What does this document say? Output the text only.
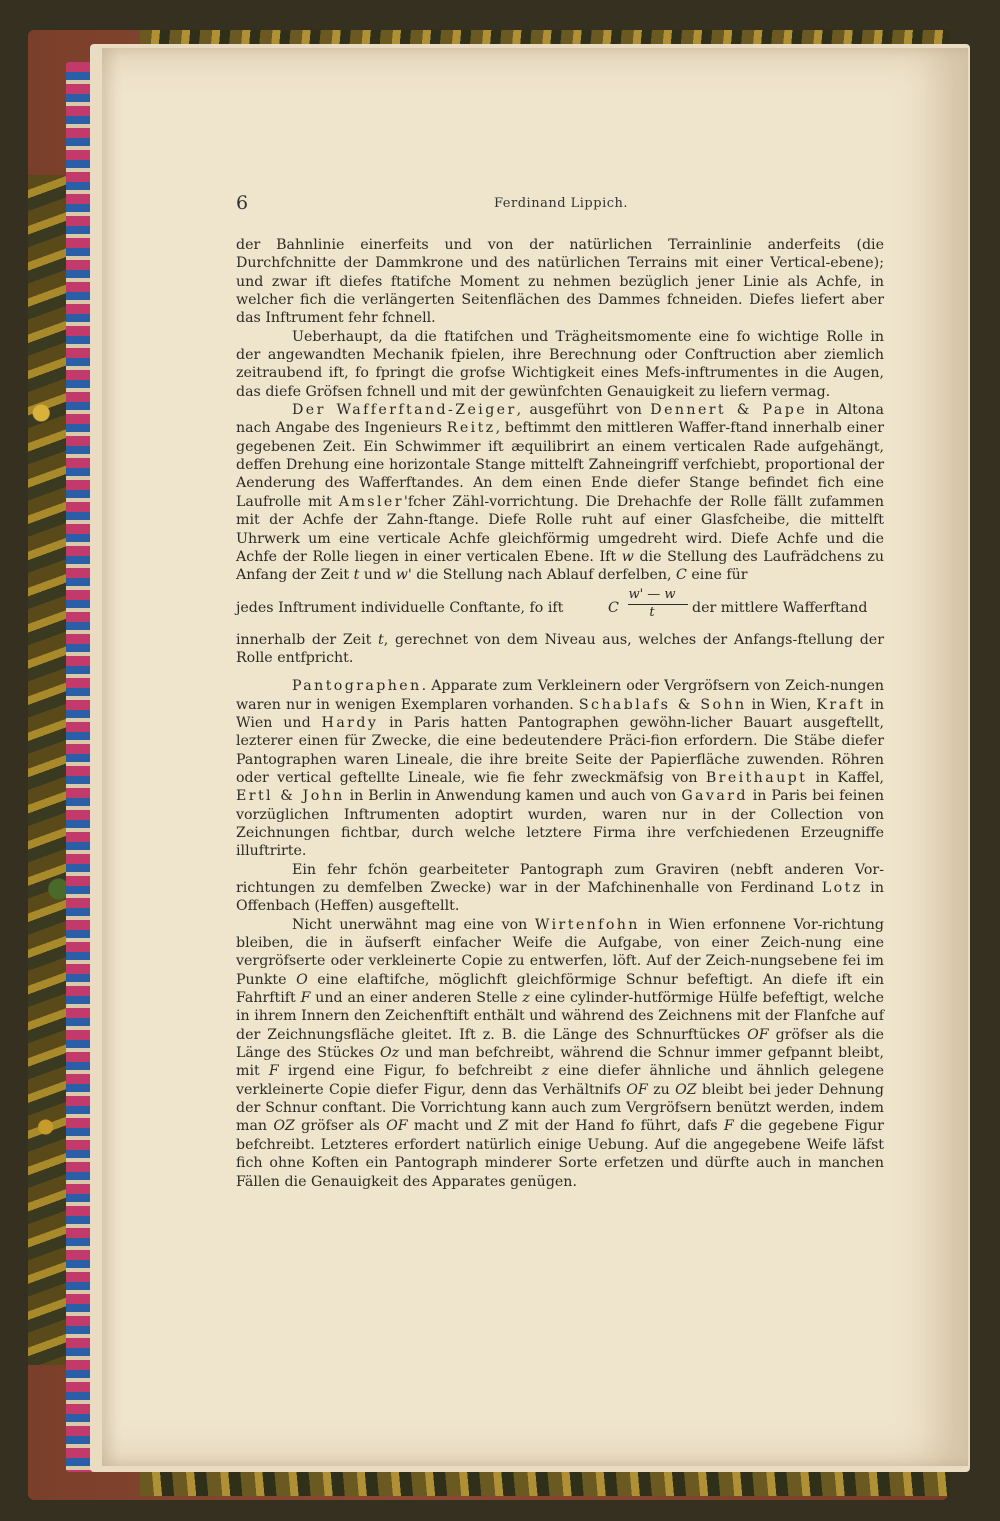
6	Ferdinand Lippich.

der Bahnlinie einerfeits und von der natürlichen Terrainlinie anderfeits (die Durchfchnitte der Dammkrone und des natürlichen Terrains mit einer Vertical-ebene); und zwar ift diefes ftatifche Moment zu nehmen bezüglich jener Linie als Achfe, in welcher fich die verlängerten Seitenflächen des Dammes fchneiden. Diefes liefert aber das Inftrument fehr fchnell.

Ueberhaupt, da die ftatifchen und Trägheitsmomente eine fo wichtige Rolle in der angewandten Mechanik fpielen, ihre Berechnung oder Conftruction aber ziemlich zeitraubend ift, fo fpringt die grofse Wichtigkeit eines Mefs-inftrumentes in die Augen, das diefe Gröfsen fchnell und mit der gewünfchten Genauigkeit zu liefern vermag.

Der Wafferftand-Zeiger, ausgeführt von Dennert & Pape in Altona nach Angabe des Ingenieurs Reitz, beftimmt den mittleren Waffer-ftand innerhalb einer gegebenen Zeit. Ein Schwimmer ift æquilibrirt an einem verticalen Rade aufgehängt, deffen Drehung eine horizontale Stange mittelft Zahneingriff verfchiebt, proportional der Aenderung des Wafferftandes. An dem einen Ende diefer Stange befindet fich eine Laufrolle mit Amsler'fcher Zähl-vorrichtung. Die Drehachfe der Rolle fällt zufammen mit der Achfe der Zahn-ftange. Diefe Rolle ruht auf einer Glasfcheibe, die mittelft Uhrwerk um eine verticale Achfe gleichförmig umgedreht wird. Diefe Achfe und die Achfe der Rolle liegen in einer verticalen Ebene. Ift w die Stellung des Laufrädchens zu Anfang der Zeit t und w' die Stellung nach Ablauf derfelben, C eine für

jedes Inftrument individuelle Conftante, fo ift	C
w' — w
t	der mittlere Wafferftand

innerhalb der Zeit t, gerechnet von dem Niveau aus, welches der Anfangs-ftellung der Rolle entfpricht.

Pantographen. Apparate zum Verkleinern oder Vergröfsern von Zeich-nungen waren nur in wenigen Exemplaren vorhanden. Schablafs & Sohn in Wien, Kraft in Wien und Hardy in Paris hatten Pantographen gewöhn-licher Bauart ausgeftellt, lezterer einen für Zwecke, die eine bedeutendere Präci-fion erfordern. Die Stäbe diefer Pantographen waren Lineale, die ihre breite Seite der Papierfläche zuwenden. Röhren oder vertical geftellte Lineale, wie fie fehr zweckmäfsig von Breithaupt in Kaffel, Ertl & John in Berlin in Anwendung kamen und auch von Gavard in Paris bei feinen vorzüglichen Inftrumenten adoptirt wurden, waren nur in der Collection von Zeichnungen fichtbar, durch welche letztere Firma ihre verfchiedenen Erzeugniffe illuftrirte.

Ein fehr fchön gearbeiteter Pantograph zum Graviren (nebft anderen Vor-richtungen zu demfelben Zwecke) war in der Mafchinenhalle von Ferdinand Lotz in Offenbach (Heffen) ausgeftellt.

Nicht unerwähnt mag eine von Wirtenfohn in Wien erfonnene Vor-richtung bleiben, die in äufserft einfacher Weife die Aufgabe, von einer Zeich-nung eine vergröfserte oder verkleinerte Copie zu entwerfen, löft. Auf der Zeich-nungsebene fei im Punkte O eine elaftifche, möglichft gleichförmige Schnur befeftigt. An diefe ift ein Fahrftift F und an einer anderen Stelle z eine cylinder-hutförmige Hülfe befeftigt, welche in ihrem Innern den Zeichenftift enthält und während des Zeichnens mit der Flanfche auf der Zeichnungsfläche gleitet. Ift z. B. die Länge des Schnurftückes OF gröfser als die Länge des Stückes Oz und man befchreibt, während die Schnur immer gefpannt bleibt, mit F irgend eine Figur, fo befchreibt z eine diefer ähnliche und ähnlich gelegene verkleinerte Copie diefer Figur, denn das Verhältnifs OF zu OZ bleibt bei jeder Dehnung der Schnur conftant. Die Vorrichtung kann auch zum Vergröfsern benützt werden, indem man OZ gröfser als OF macht und Z mit der Hand fo führt, dafs F die gegebene Figur befchreibt. Letzteres erfordert natürlich einige Uebung. Auf die angegebene Weife läfst fich ohne Koften ein Pantograph minderer Sorte erfetzen und dürfte auch in manchen Fällen die Genauigkeit des Apparates genügen.
